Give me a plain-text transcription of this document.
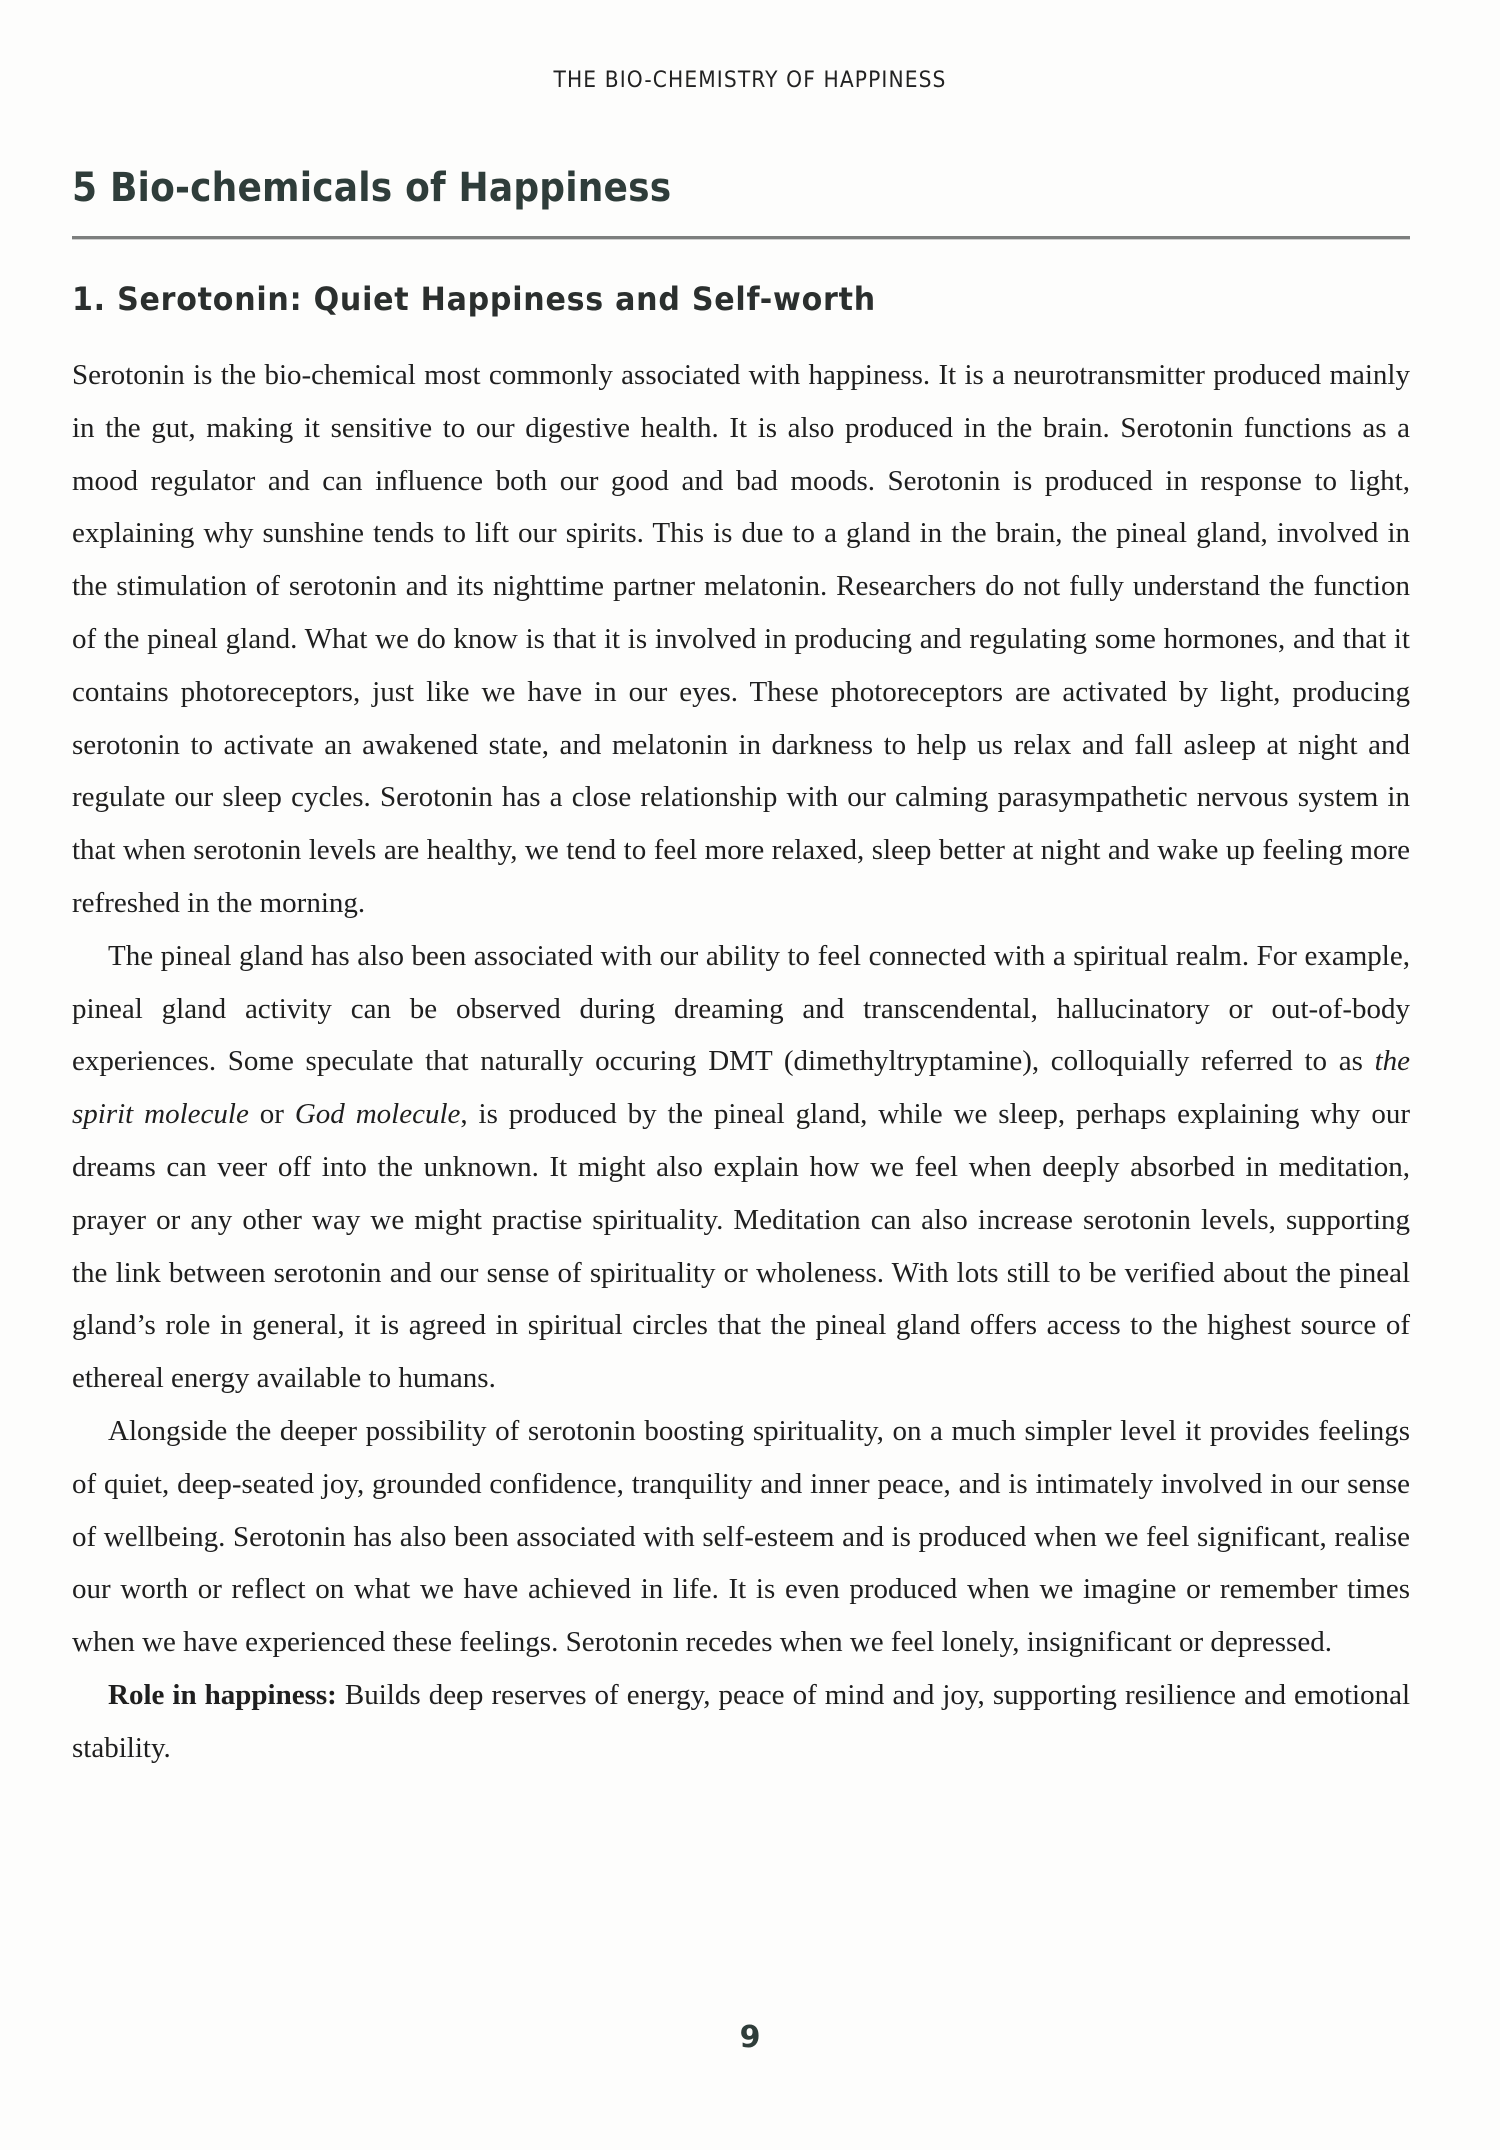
THE BIO-CHEMISTRY OF HAPPINESS
5 Bio-chemicals of Happiness
1. Serotonin: Quiet Happiness and Self-worth

Serotonin is the bio-chemical most commonly associated with happiness. It is a neurotransmitter produced mainly in the gut, making it sensitive to our digestive health. It is also produced in the brain. Serotonin functions as a mood regulator and can influence both our good and bad moods. Serotonin is produced in response to light, explaining why sunshine tends to lift our spirits. This is due to a gland in the brain, the pineal gland, involved in the stimulation of serotonin and its nighttime partner melatonin. Researchers do not fully understand the function of the pineal gland. What we do know is that it is involved in producing and regulating some hormones, and that it contains photoreceptors, just like we have in our eyes. These photoreceptors are activated by light, producing serotonin to activate an awakened state, and melatonin in darkness to help us relax and fall asleep at night and regulate our sleep cycles. Serotonin has a close relationship with our calming parasympathetic nervous system in that when serotonin levels are healthy, we tend to feel more relaxed, sleep better at night and wake up feeling more refreshed in the morning.

The pineal gland has also been associated with our ability to feel connected with a spiritual realm. For example, pineal gland activity can be observed during dreaming and transcendental, hallucinatory or out-of-body experiences. Some speculate that naturally occuring DMT (dimethyltryptamine), colloquially referred to as the spirit molecule or God molecule, is produced by the pineal gland, while we sleep, perhaps explaining why our dreams can veer off into the unknown. It might also explain how we feel when deeply absorbed in meditation, prayer or any other way we might practise spirituality. Meditation can also increase serotonin levels, supporting the link between serotonin and our sense of spirituality or wholeness. With lots still to be verified about the pineal gland’s role in general, it is agreed in spiritual circles that the pineal gland offers access to the highest source of ethereal energy available to humans.

Alongside the deeper possibility of serotonin boosting spirituality, on a much simpler level it provides feelings of quiet, deep-seated joy, grounded confidence, tranquility and inner peace, and is intimately involved in our sense of wellbeing. Serotonin has also been associated with self-esteem and is produced when we feel significant, realise our worth or reflect on what we have achieved in life. It is even produced when we imagine or remember times when we have experienced these feelings. Serotonin recedes when we feel lonely, insignificant or depressed.

Role in happiness: Builds deep reserves of energy, peace of mind and joy, supporting resilience and emotional stability.

9
